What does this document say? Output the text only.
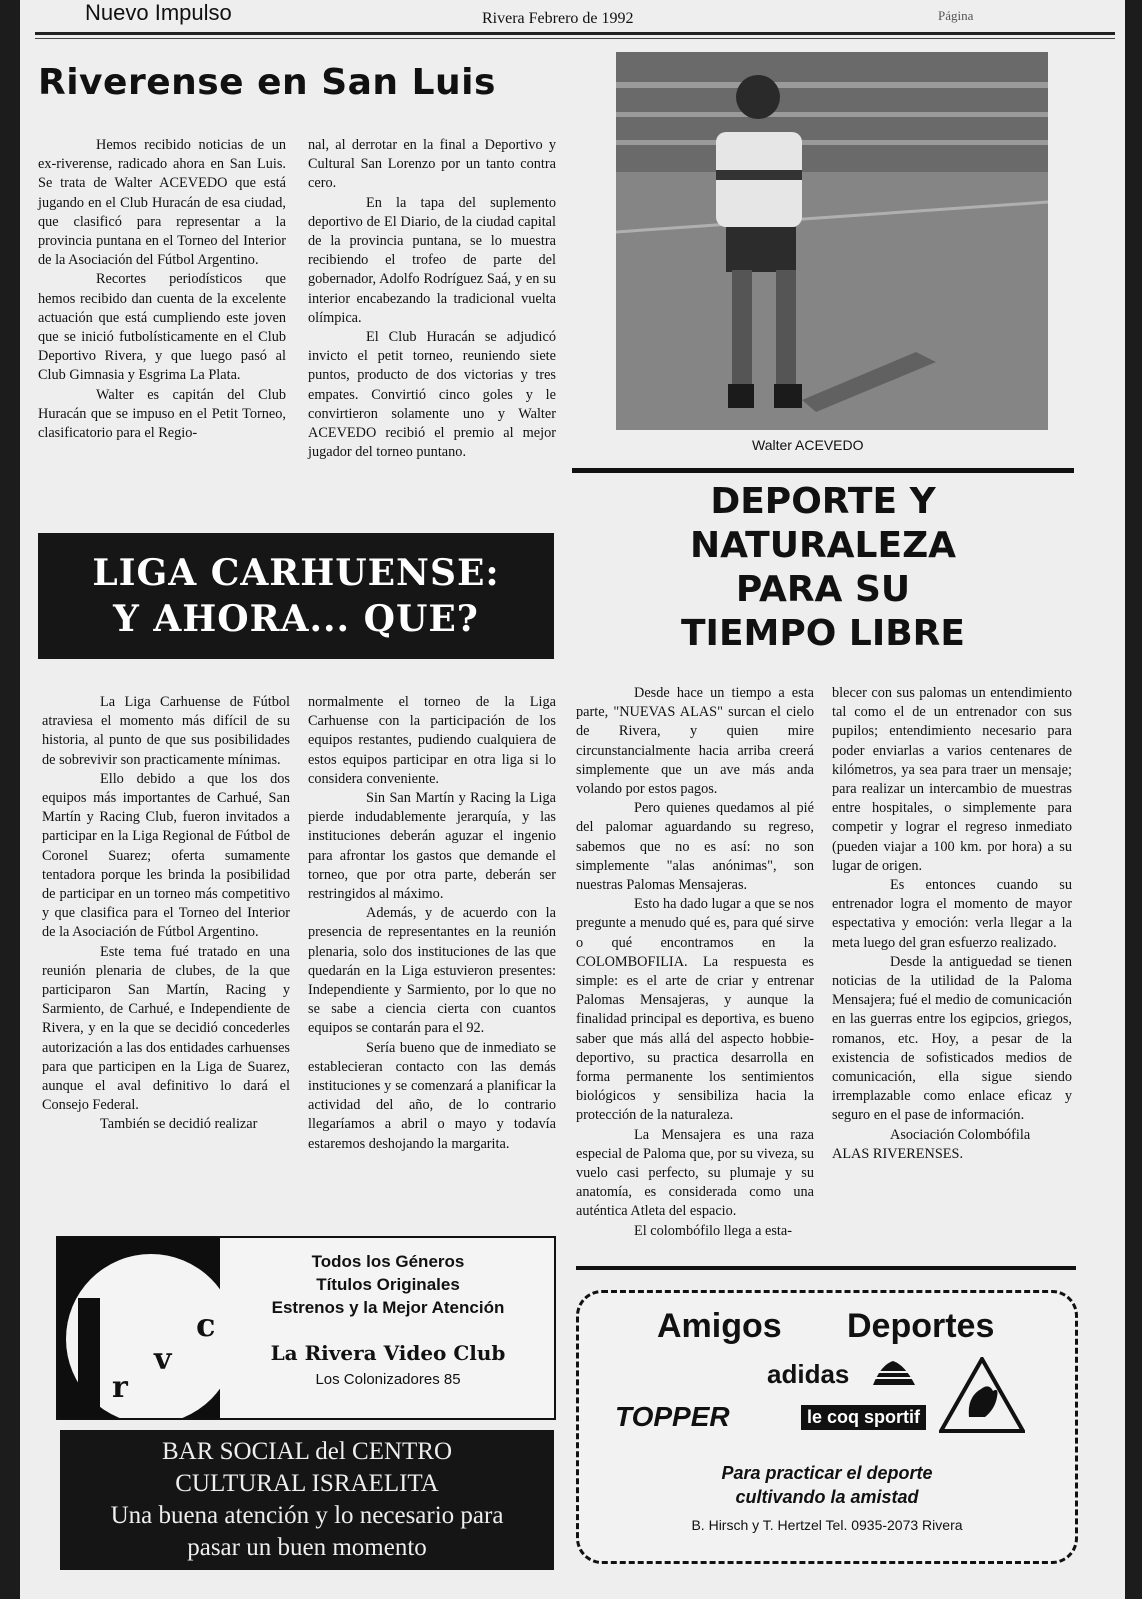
Nuevo Impulso	Rivera Febrero de 1992	Página
Riverense en San Luis

Hemos recibido noticias de un ex-riverense, radicado ahora en San Luis. Se trata de Walter ACEVEDO que está jugando en el Club Huracán de esa ciudad, que clasificó para representar a la provincia puntana en el Torneo del Interior de la Asociación del Fútbol Argentino.

Recortes periodísticos que hemos recibido dan cuenta de la excelente actuación que está cumpliendo este joven que se inició futbolísticamente en el Club Deportivo Rivera, y que luego pasó al Club Gimnasia y Esgrima La Plata.

Walter es capitán del Club Huracán que se impuso en el Petit Torneo, clasificatorio para el Regio-

nal, al derrotar en la final a Deportivo y Cultural San Lorenzo por un tanto contra cero.

En la tapa del suplemento deportivo de El Diario, de la ciudad capital de la provincia puntana, se lo muestra recibiendo el trofeo de parte del gobernador, Adolfo Rodríguez Saá, y en su interior encabezando la tradicional vuelta olímpica.

El Club Huracán se adjudicó invicto el petit torneo, reuniendo siete puntos, producto de dos victorias y tres empates. Convirtió cinco goles y le convirtieron solamente uno y Walter ACEVEDO recibió el premio al mejor jugador del torneo puntano.	Walter ACEVEDO
LIGA CARHUENSE:
Y AHORA... QUE?

La Liga Carhuense de Fútbol atraviesa el momento más difícil de su historia, al punto de que sus posibilidades de sobrevivir son practicamente mínimas.

Ello debido a que los dos equipos más importantes de Carhué, San Martín y Racing Club, fueron invitados a participar en la Liga Regional de Fútbol de Coronel Suarez; oferta sumamente tentadora porque les brinda la posibilidad de participar en un torneo más competitivo y que clasifica para el Torneo del Interior de la Asociación de Fútbol Argentino.

Este tema fué tratado en una reunión plenaria de clubes, de la que participaron San Martín, Racing y Sarmiento, de Carhué, e Independiente de Rivera, y en la que se decidió concederles autorización a las dos entidades carhuenses para que participen en la Liga de Suarez, aunque el aval definitivo lo dará el Consejo Federal.

También se decidió realizar

normalmente el torneo de la Liga Carhuense con la participación de los equipos restantes, pudiendo cualquiera de estos equipos participar en otra liga si lo considera conveniente.

Sin San Martín y Racing la Liga pierde indudablemente jerarquía, y las instituciones deberán aguzar el ingenio para afrontar los gastos que demande el torneo, que por otra parte, deberán ser restringidos al máximo.

Además, y de acuerdo con la presencia de representantes en la reunión plenaria, solo dos instituciones de las que quedarán en la Liga estuvieron presentes: Independiente y Sarmiento, por lo que no se sabe a ciencia cierta con cuantos equipos se contarán para el 92.

Sería bueno que de inmediato se establecieran contacto con las demás instituciones y se comenzará a planificar la actividad del año, de lo contrario llegaríamos a abril o mayo y todavía estaremos deshojando la margarita.

DEPORTE Y
NATURALEZA
PARA SU
TIEMPO LIBRE

Desde hace un tiempo a esta parte, "NUEVAS ALAS" surcan el cielo de Rivera, y quien mire circunstancialmente hacia arriba creerá simplemente que un ave más anda volando por estos pagos.

Pero quienes quedamos al pié del palomar aguardando su regreso, sabemos que no es así: no son simplemente "alas anónimas", son nuestras Palomas Mensajeras.

Esto ha dado lugar a que se nos pregunte a menudo qué es, para qué sirve o qué encontramos en la COLOMBOFILIA. La respuesta es simple: es el arte de criar y entrenar Palomas Mensajeras, y aunque la finalidad principal es deportiva, es bueno saber que más allá del aspecto hobbie-deportivo, su practica desarrolla en forma permanente los sentimientos biológicos y sensibiliza hacia la protección de la naturaleza.

La Mensajera es una raza especial de Paloma que, por su viveza, su vuelo casi perfecto, su plumaje y su anatomía, es considerada como una auténtica Atleta del espacio.

El colombófilo llega a esta-

blecer con sus palomas un entendimiento tal como el de un entrenador con sus pupilos; entendimiento necesario para poder enviarlas a varios centenares de kilómetros, ya sea para traer un mensaje; para realizar un intercambio de muestras entre hospitales, o simplemente para competir y lograr el regreso inmediato (pueden viajar a 100 km. por hora) a su lugar de origen.

Es entonces cuando su entrenador logra el momento de mayor espectativa y emoción: verla llegar a la meta luego del gran esfuerzo realizado.

Desde la antiguedad se tienen noticias de la utilidad de la Paloma Mensajera; fué el medio de comunicación en las guerras entre los egipcios, griegos, romanos, etc. Hoy, a pesar de la existencia de sofisticados medios de comunicación, ella sigue siendo irremplazable como enlace eficaz y seguro en el pase de información.

Asociación Colombófila

ALAS RIVERENSES.

c
v
r
Todos los Géneros
Títulos Originales
Estrenos y la Mejor Atención
La Rivera Video Club
Los Colonizadores 85
BAR SOCIAL del CENTRO
CULTURAL ISRAELITA
Una buena atención y lo necesario para
pasar un buen momento
Amigos Deportes
adidas
TOPPER	le coq sportif
Para practicar el deporte
cultivando la amistad
B. Hirsch y T. Hertzel Tel. 0935-2073 Rivera
